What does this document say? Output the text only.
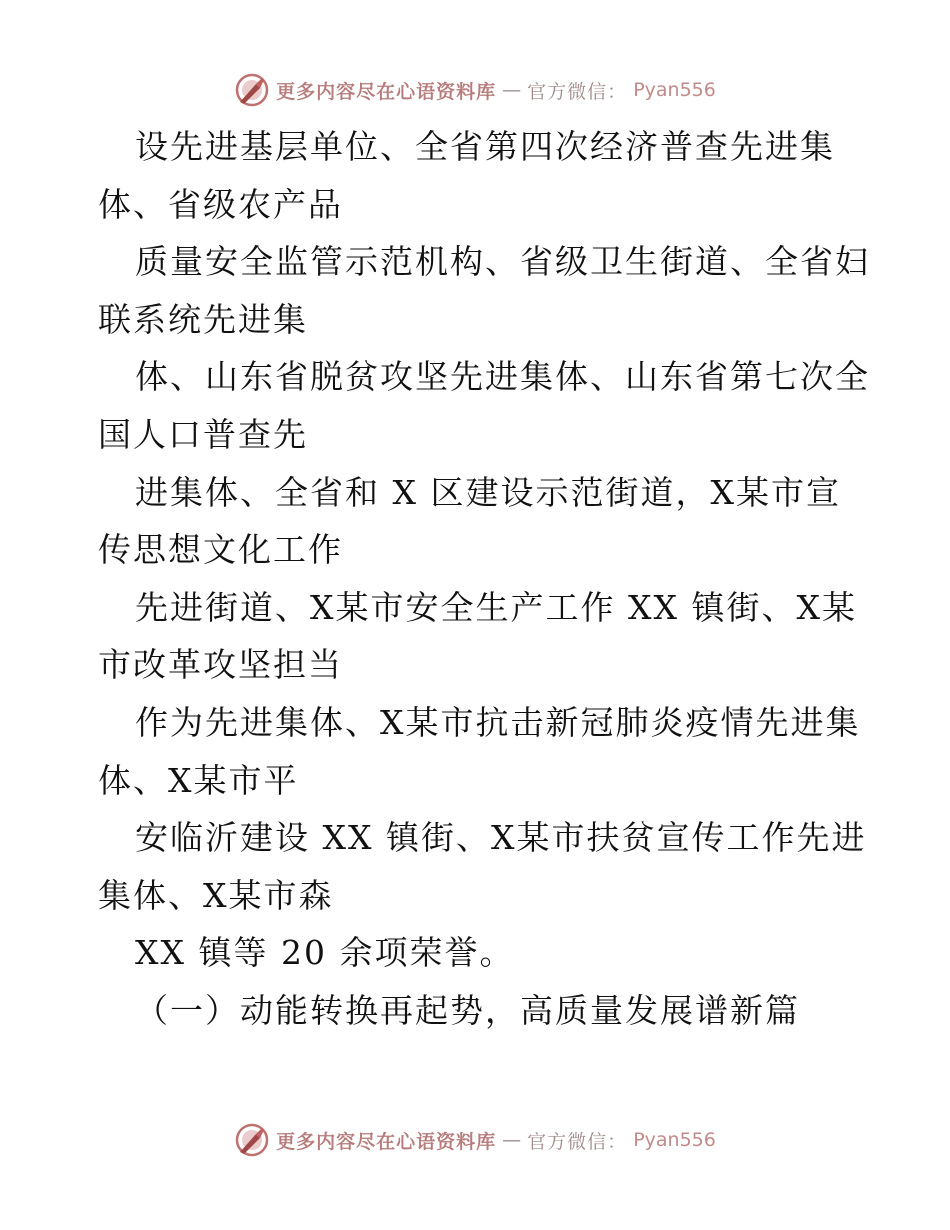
更多内容尽在心语资料库 — 官方微信： Pyan556
设先进基层单位、全省第四次经济普查先进集
体、省级农产品
质量安全监管示范机构、省级卫生街道、全省妇
联系统先进集
体、山东省脱贫攻坚先进集体、山东省第七次全
国人口普查先
进集体、全省和 X 区建设示范街道，X某市宣
传思想文化工作
先进街道、X某市安全生产工作 XX 镇街、X某
市改革攻坚担当
作为先进集体、X某市抗击新冠肺炎疫情先进集
体、X某市平
安临沂建设 XX 镇街、X某市扶贫宣传工作先进
集体、X某市森
XX 镇等 20 余项荣誉。
（一）动能转换再起势，高质量发展谱新篇
更多内容尽在心语资料库 — 官方微信： Pyan556
